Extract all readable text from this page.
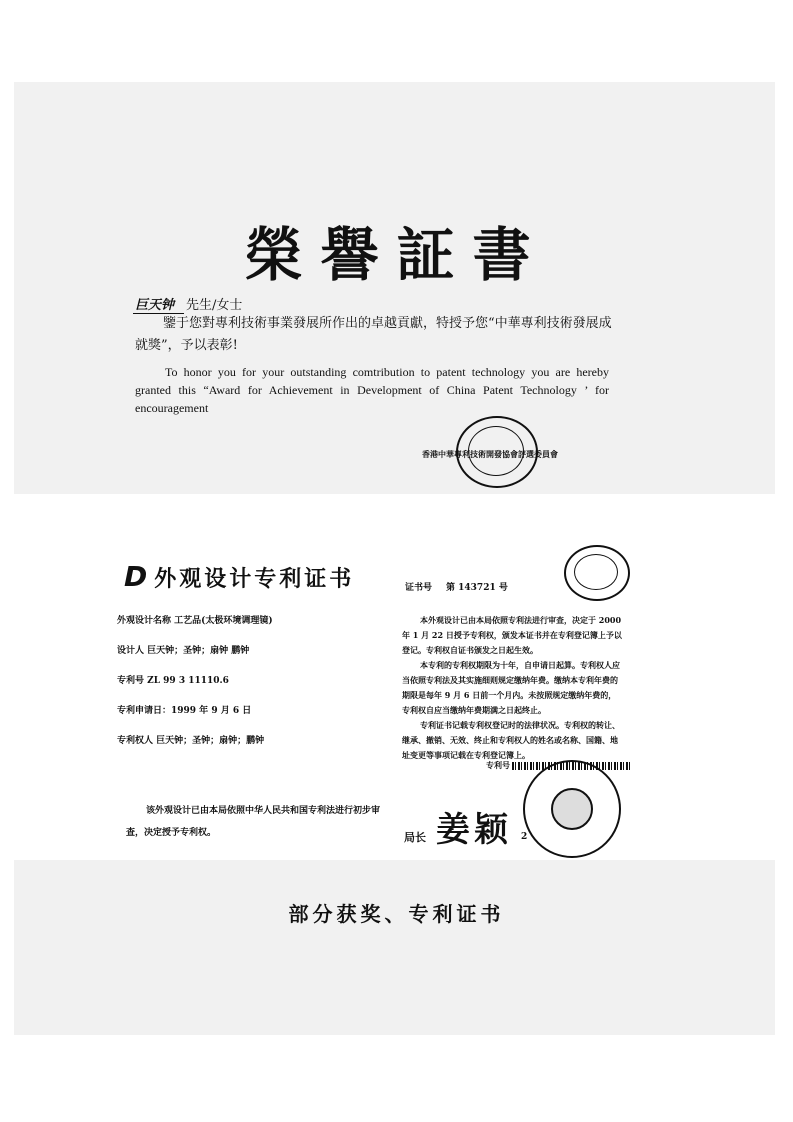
榮譽証書
巨天钟 先生/女士
鑒于您對專利技術事業發展所作出的卓越貢獻，特授予您“中華專利技術發展成就獎”，予以表彰!

To honor you for your outstanding comtribution to patent technology you are hereby granted this “Award for Achievement in Development of China Patent Technology ’ for encouragement

香港中華專利技術開發協會評選委員會
D 外观设计专利证书	证书号 第 143721 号
外观设计名称 工艺品(太极环境调理镜)
设计人 巨天钟；圣钟；扇钟 鹏钟
专利号 ZL 99 3 11110.6
专利申请日：1999 年 9 月 6 日
专利权人 巨天钟；圣钟；扇钟；鹏钟

本外观设计已由本局依照专利法进行审查，决定于 2000 年 1 月 22 日授予专利权，颁发本证书并在专利登记簿上予以登记。专利权自证书颁发之日起生效。

本专利的专利权期限为十年，自申请日起算。专利权人应当依照专利法及其实施细则规定缴纳年费。缴纳本专利年费的期限是每年 9 月 6 日前一个月内。未按照规定缴纳年费的，专利权自应当缴纳年费期满之日起终止。

专利证书记载专利权登记时的法律状况。专利权的转让、继承、撤销、无效、终止和专利权人的姓名或名称、国籍、地址变更等事项记载在专利登记簿上。

专利号

该外观设计已由本局依照中华人民共和国专利法进行初步审查，决定授予专利权。	局长 姜颖 2
部分获奖、专利证书
